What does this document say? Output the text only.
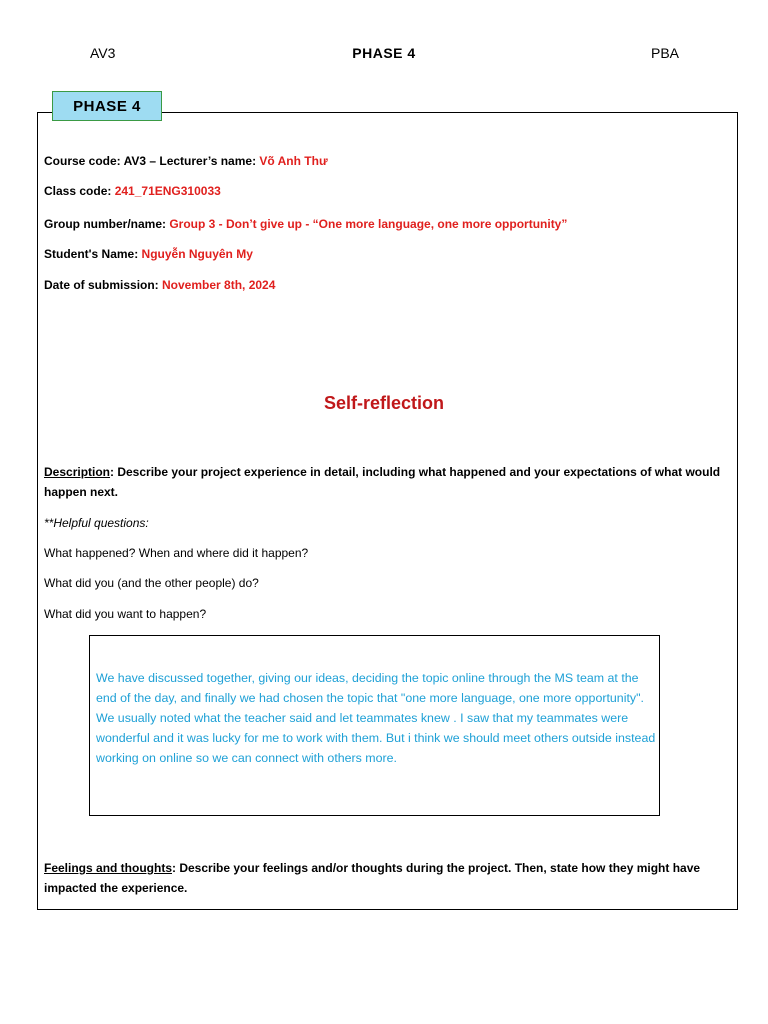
AV3	PHASE 4	PBA
PHASE 4
Course code: AV3 – Lecturer’s name: Võ Anh Thư
Class code: 241_71ENG310033
Group number/name: Group 3 - Don’t give up - “One more language, one more opportunity”
Student's Name: Nguyễn Nguyên My
Date of submission: November 8th, 2024
Self-reflection
Description: Describe your project experience in detail, including what happened and your expectations of what would happen next.
**Helpful questions:
What happened? When and where did it happen?
What did you (and the other people) do?
What did you want to happen?
We have discussed together, giving our ideas, deciding the topic online through the MS team at the end of the day, and finally we had chosen the topic that "one more language, one more opportunity". We usually noted what the teacher said and let teammates knew . I saw that my teammates were wonderful and it was lucky for me to work with them. But i think we should meet others outside instead working on online so we can connect with others more.
Feelings and thoughts: Describe your feelings and/or thoughts during the project. Then, state how they might have impacted the experience.
